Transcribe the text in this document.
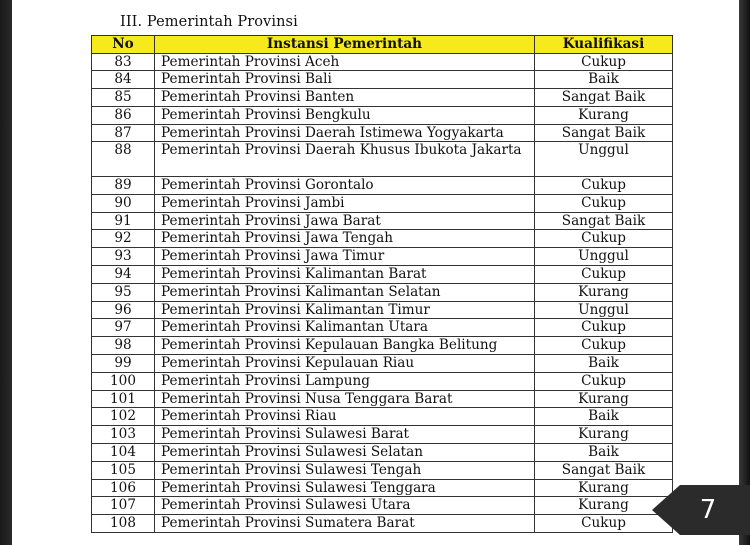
III. Pemerintah Provinsi
No	Instansi Pemerintah	Kualifikasi
83	Pemerintah Provinsi Aceh	Cukup
84	Pemerintah Provinsi Bali	Baik
85	Pemerintah Provinsi Banten	Sangat Baik
86	Pemerintah Provinsi Bengkulu	Kurang
87	Pemerintah Provinsi Daerah Istimewa Yogyakarta	Sangat Baik
88	Pemerintah Provinsi Daerah Khusus Ibukota Jakarta	Unggul
89	Pemerintah Provinsi Gorontalo	Cukup
90	Pemerintah Provinsi Jambi	Cukup
91	Pemerintah Provinsi Jawa Barat	Sangat Baik
92	Pemerintah Provinsi Jawa Tengah	Cukup
93	Pemerintah Provinsi Jawa Timur	Unggul
94	Pemerintah Provinsi Kalimantan Barat	Cukup
95	Pemerintah Provinsi Kalimantan Selatan	Kurang
96	Pemerintah Provinsi Kalimantan Timur	Unggul
97	Pemerintah Provinsi Kalimantan Utara	Cukup
98	Pemerintah Provinsi Kepulauan Bangka Belitung	Cukup
99	Pemerintah Provinsi Kepulauan Riau	Baik
100	Pemerintah Provinsi Lampung	Cukup
101	Pemerintah Provinsi Nusa Tenggara Barat	Kurang
102	Pemerintah Provinsi Riau	Baik
103	Pemerintah Provinsi Sulawesi Barat	Kurang
104	Pemerintah Provinsi Sulawesi Selatan	Baik
105	Pemerintah Provinsi Sulawesi Tengah	Sangat Baik
106	Pemerintah Provinsi Sulawesi Tenggara	Kurang
107	Pemerintah Provinsi Sulawesi Utara	Kurang
108	Pemerintah Provinsi Sumatera Barat	Cukup	7
